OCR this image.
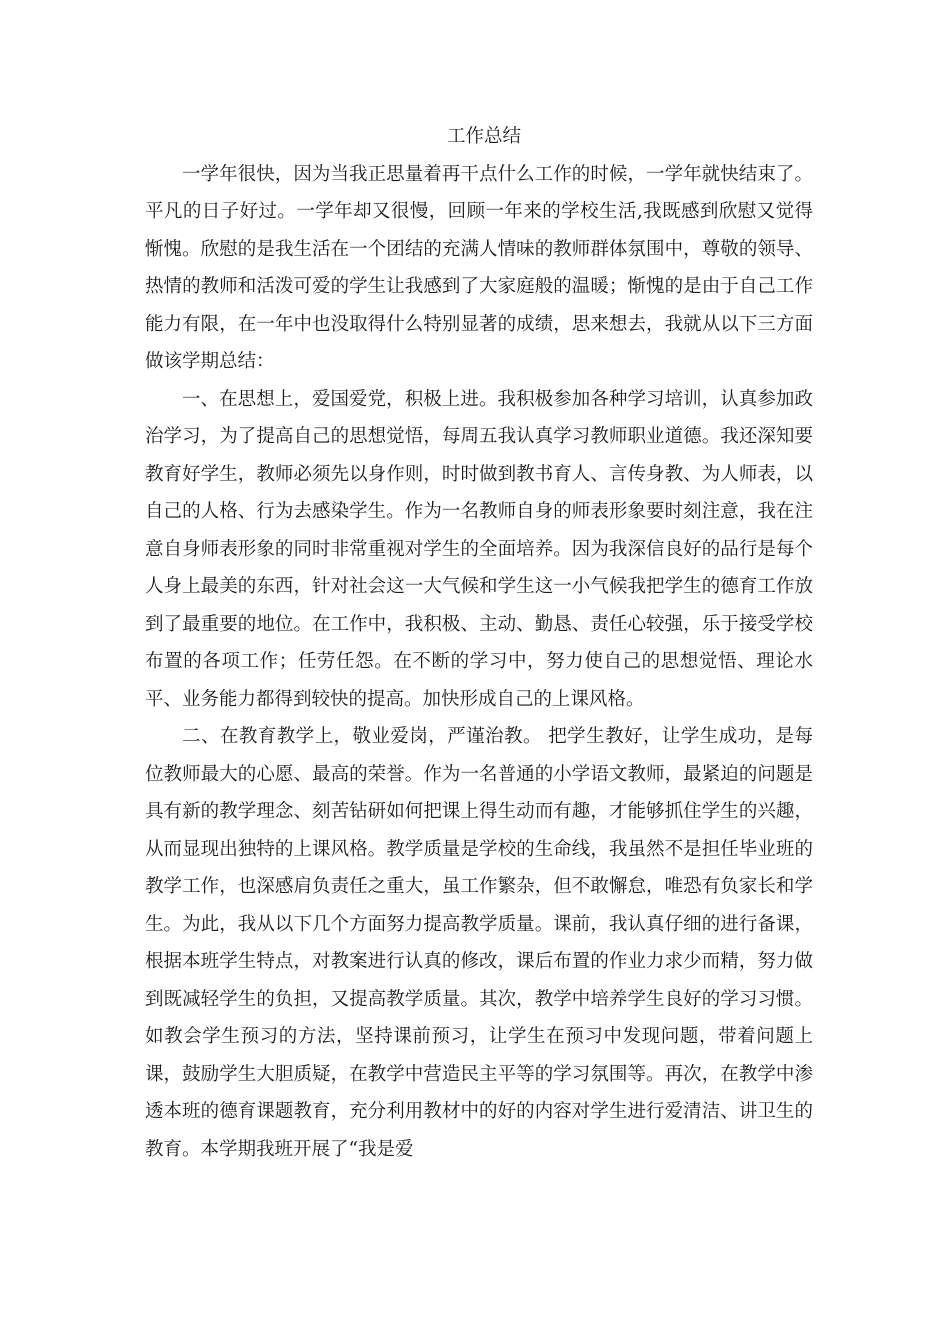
工作总结

一学年很快，因为当我正思量着再干点什么工作的时候，一学年就快结束了。平凡的日子好过。一学年却又很慢，回顾一年来的学校生活,我既感到欣慰又觉得惭愧。欣慰的是我生活在一个团结的充满人情味的教师群体氛围中，尊敬的领导、热情的教师和活泼可爱的学生让我感到了大家庭般的温暖；惭愧的是由于自己工作能力有限，在一年中也没取得什么特别显著的成绩，思来想去，我就从以下三方面做该学期总结：

一、在思想上，爱国爱党，积极上进。我积极参加各种学习培训，认真参加政治学习，为了提高自己的思想觉悟，每周五我认真学习教师职业道德。我还深知要教育好学生，教师必须先以身作则，时时做到教书育人、言传身教、为人师表，以自己的人格、行为去感染学生。作为一名教师自身的师表形象要时刻注意，我在注意自身师表形象的同时非常重视对学生的全面培养。因为我深信良好的品行是每个人身上最美的东西，针对社会这一大气候和学生这一小气候我把学生的德育工作放到了最重要的地位。在工作中，我积极、主动、勤恳、责任心较强，乐于接受学校布置的各项工作；任劳任怨。在不断的学习中，努力使自己的思想觉悟、理论水平、业务能力都得到较快的提高。加快形成自己的上课风格。

二、在教育教学上，敬业爱岗，严谨治教。 把学生教好，让学生成功，是每位教师最大的心愿、最高的荣誉。作为一名普通的小学语文教师，最紧迫的问题是具有新的教学理念、刻苦钻研如何把课上得生动而有趣，才能够抓住学生的兴趣，从而显现出独特的上课风格。教学质量是学校的生命线，我虽然不是担任毕业班的教学工作，也深感肩负责任之重大，虽工作繁杂，但不敢懈怠，唯恐有负家长和学生。为此，我从以下几个方面努力提高教学质量。课前，我认真仔细的进行备课，根据本班学生特点，对教案进行认真的修改，课后布置的作业力求少而精，努力做到既减轻学生的负担，又提高教学质量。其次，教学中培养学生良好的学习习惯。如教会学生预习的方法，坚持课前预习，让学生在预习中发现问题，带着问题上课，鼓励学生大胆质疑，在教学中营造民主平等的学习氛围等。再次，在教学中渗透本班的德育课题教育，充分利用教材中的好的内容对学生进行爱清洁、讲卫生的教育。本学期我班开展了“我是爱
